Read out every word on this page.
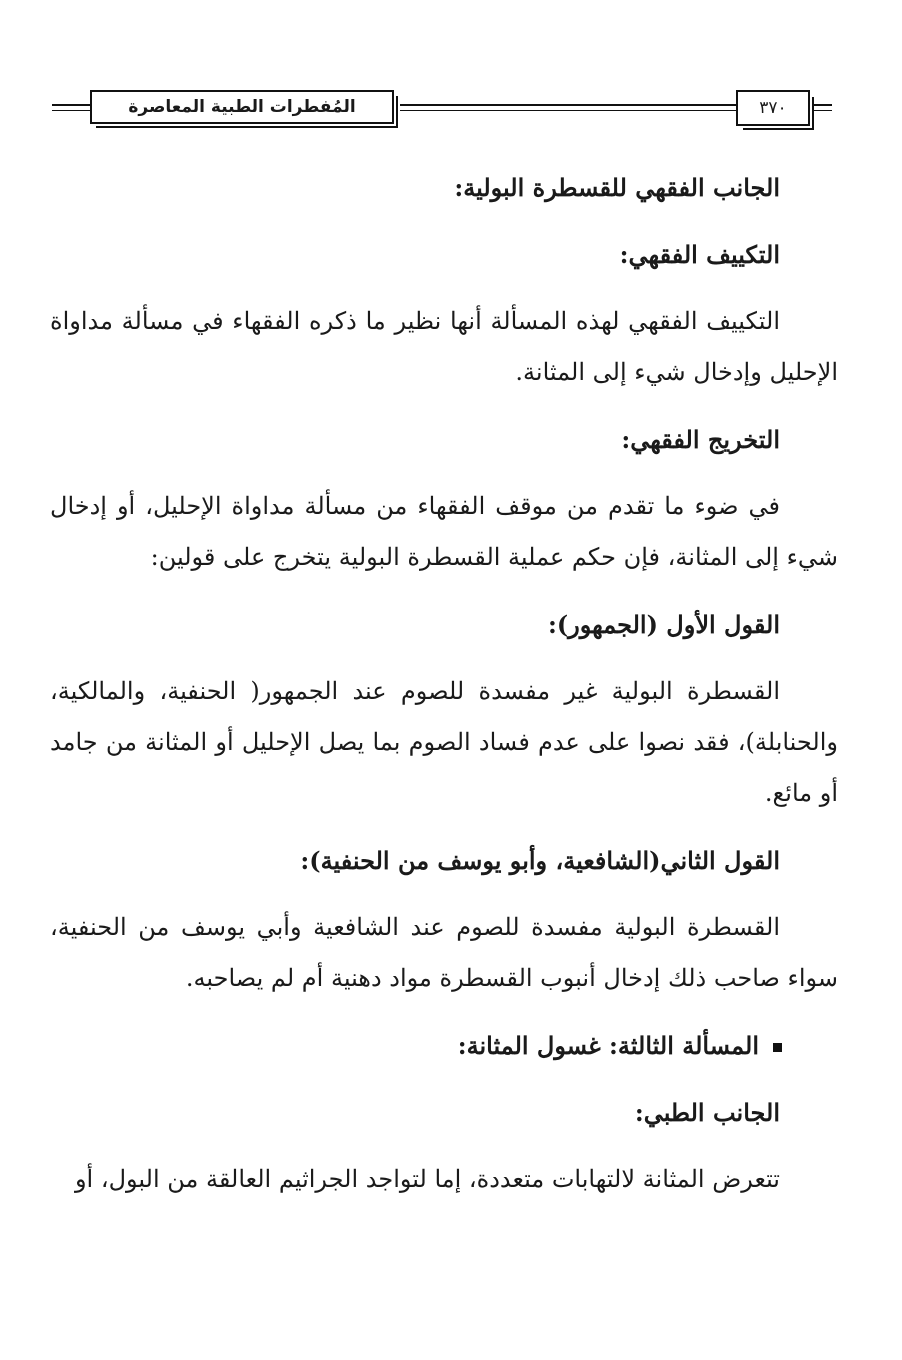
المُفطرات الطبية المعاصرة	٣٧٠

الجانب الفقهي للقسطرة البولية:

التكييف الفقهي:

التكييف الفقهي لهذه المسألة أنها نظير ما ذكره الفقهاء في مسألة مداواة الإحليل وإدخال شيء إلى المثانة.

التخريج الفقهي:

في ضوء ما تقدم من موقف الفقهاء من مسألة مداواة الإحليل، أو إدخال شيء إلى المثانة، فإن حكم عملية القسطرة البولية يتخرج على قولين:

القول الأول (الجمهور):

القسطرة البولية غير مفسدة للصوم عند الجمهور( الحنفية، والمالكية، والحنابلة)، فقد نصوا على عدم فساد الصوم بما يصل الإحليل أو المثانة من جامد أو مائع.

القول الثاني(الشافعية، وأبو يوسف من الحنفية):

القسطرة البولية مفسدة للصوم عند الشافعية وأبي يوسف من الحنفية، سواء صاحب ذلك إدخال أنبوب القسطرة مواد دهنية أم لم يصاحبه.

المسألة الثالثة: غسول المثانة:

الجانب الطبي:

تتعرض المثانة لالتهابات متعددة، إما لتواجد الجراثيم العالقة من البول، أو
